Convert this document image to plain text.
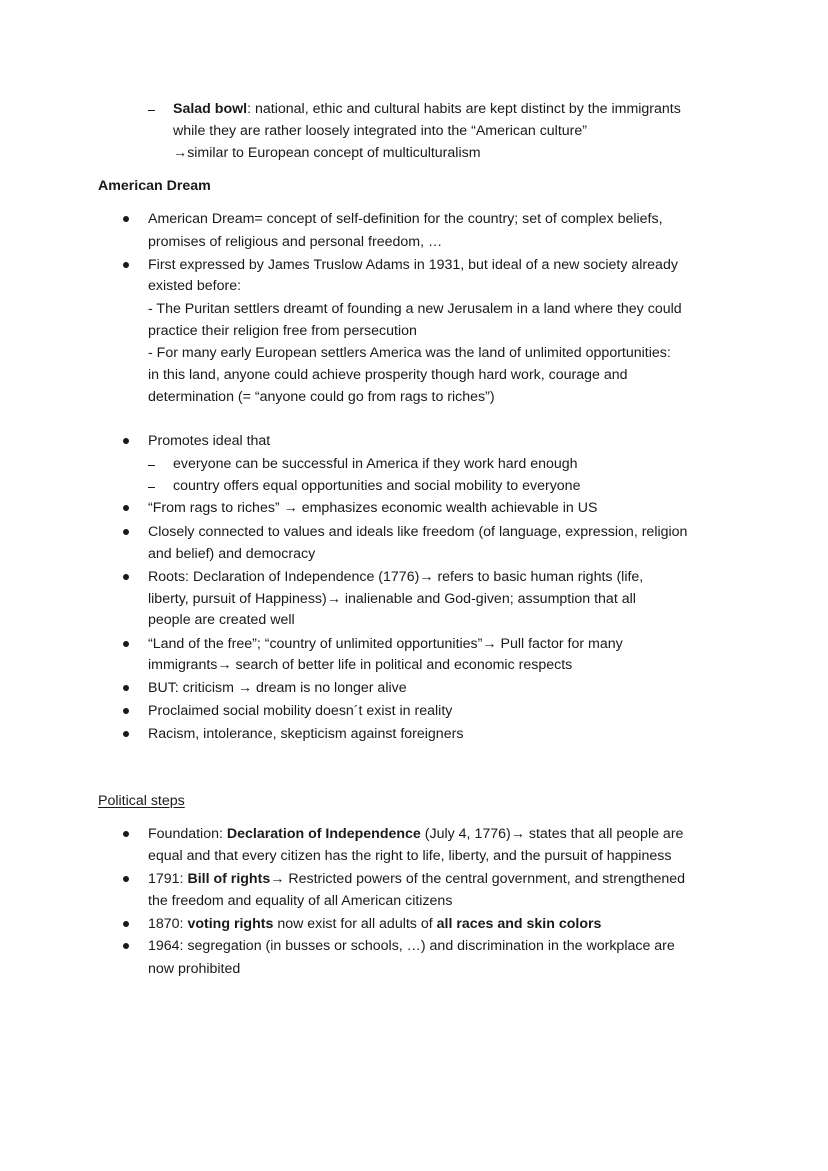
Salad bowl: national, ethic and cultural habits are kept distinct by the immigrants
while they are rather loosely integrated into the “American culture”
→similar to European concept of multiculturalism
American Dream
American Dream= concept of self-definition for the country; set of complex beliefs,
promises of religious and personal freedom, …
First expressed by James Truslow Adams in 1931, but ideal of a new society already
existed before:
- The Puritan settlers dreamt of founding a new Jerusalem in a land where they could
practice their religion free from persecution
- For many early European settlers America was the land of unlimited opportunities:
in this land, anyone could achieve prosperity though hard work, courage and
determination (= “anyone could go from rags to riches”)
Promotes ideal that
everyone can be successful in America if they work hard enough
country offers equal opportunities and social mobility to everyone
“From rags to riches” → emphasizes economic wealth achievable in US
Closely connected to values and ideals like freedom (of language, expression, religion
and belief) and democracy
Roots: Declaration of Independence (1776)→ refers to basic human rights (life,
liberty, pursuit of Happiness)→ inalienable and God-given; assumption that all
people are created well
“Land of the free”; “country of unlimited opportunities”→ Pull factor for many
immigrants→ search of better life in political and economic respects
BUT: criticism → dream is no longer alive
Proclaimed social mobility doesn´t exist in reality
Racism, intolerance, skepticism against foreigners
Political steps
Foundation: Declaration of Independence (July 4, 1776)→ states that all people are
equal and that every citizen has the right to life, liberty, and the pursuit of happiness
1791: Bill of rights→ Restricted powers of the central government, and strengthened
the freedom and equality of all American citizens
1870: voting rights now exist for all adults of all races and skin colors
1964: segregation (in busses or schools, …) and discrimination in the workplace are
now prohibited
